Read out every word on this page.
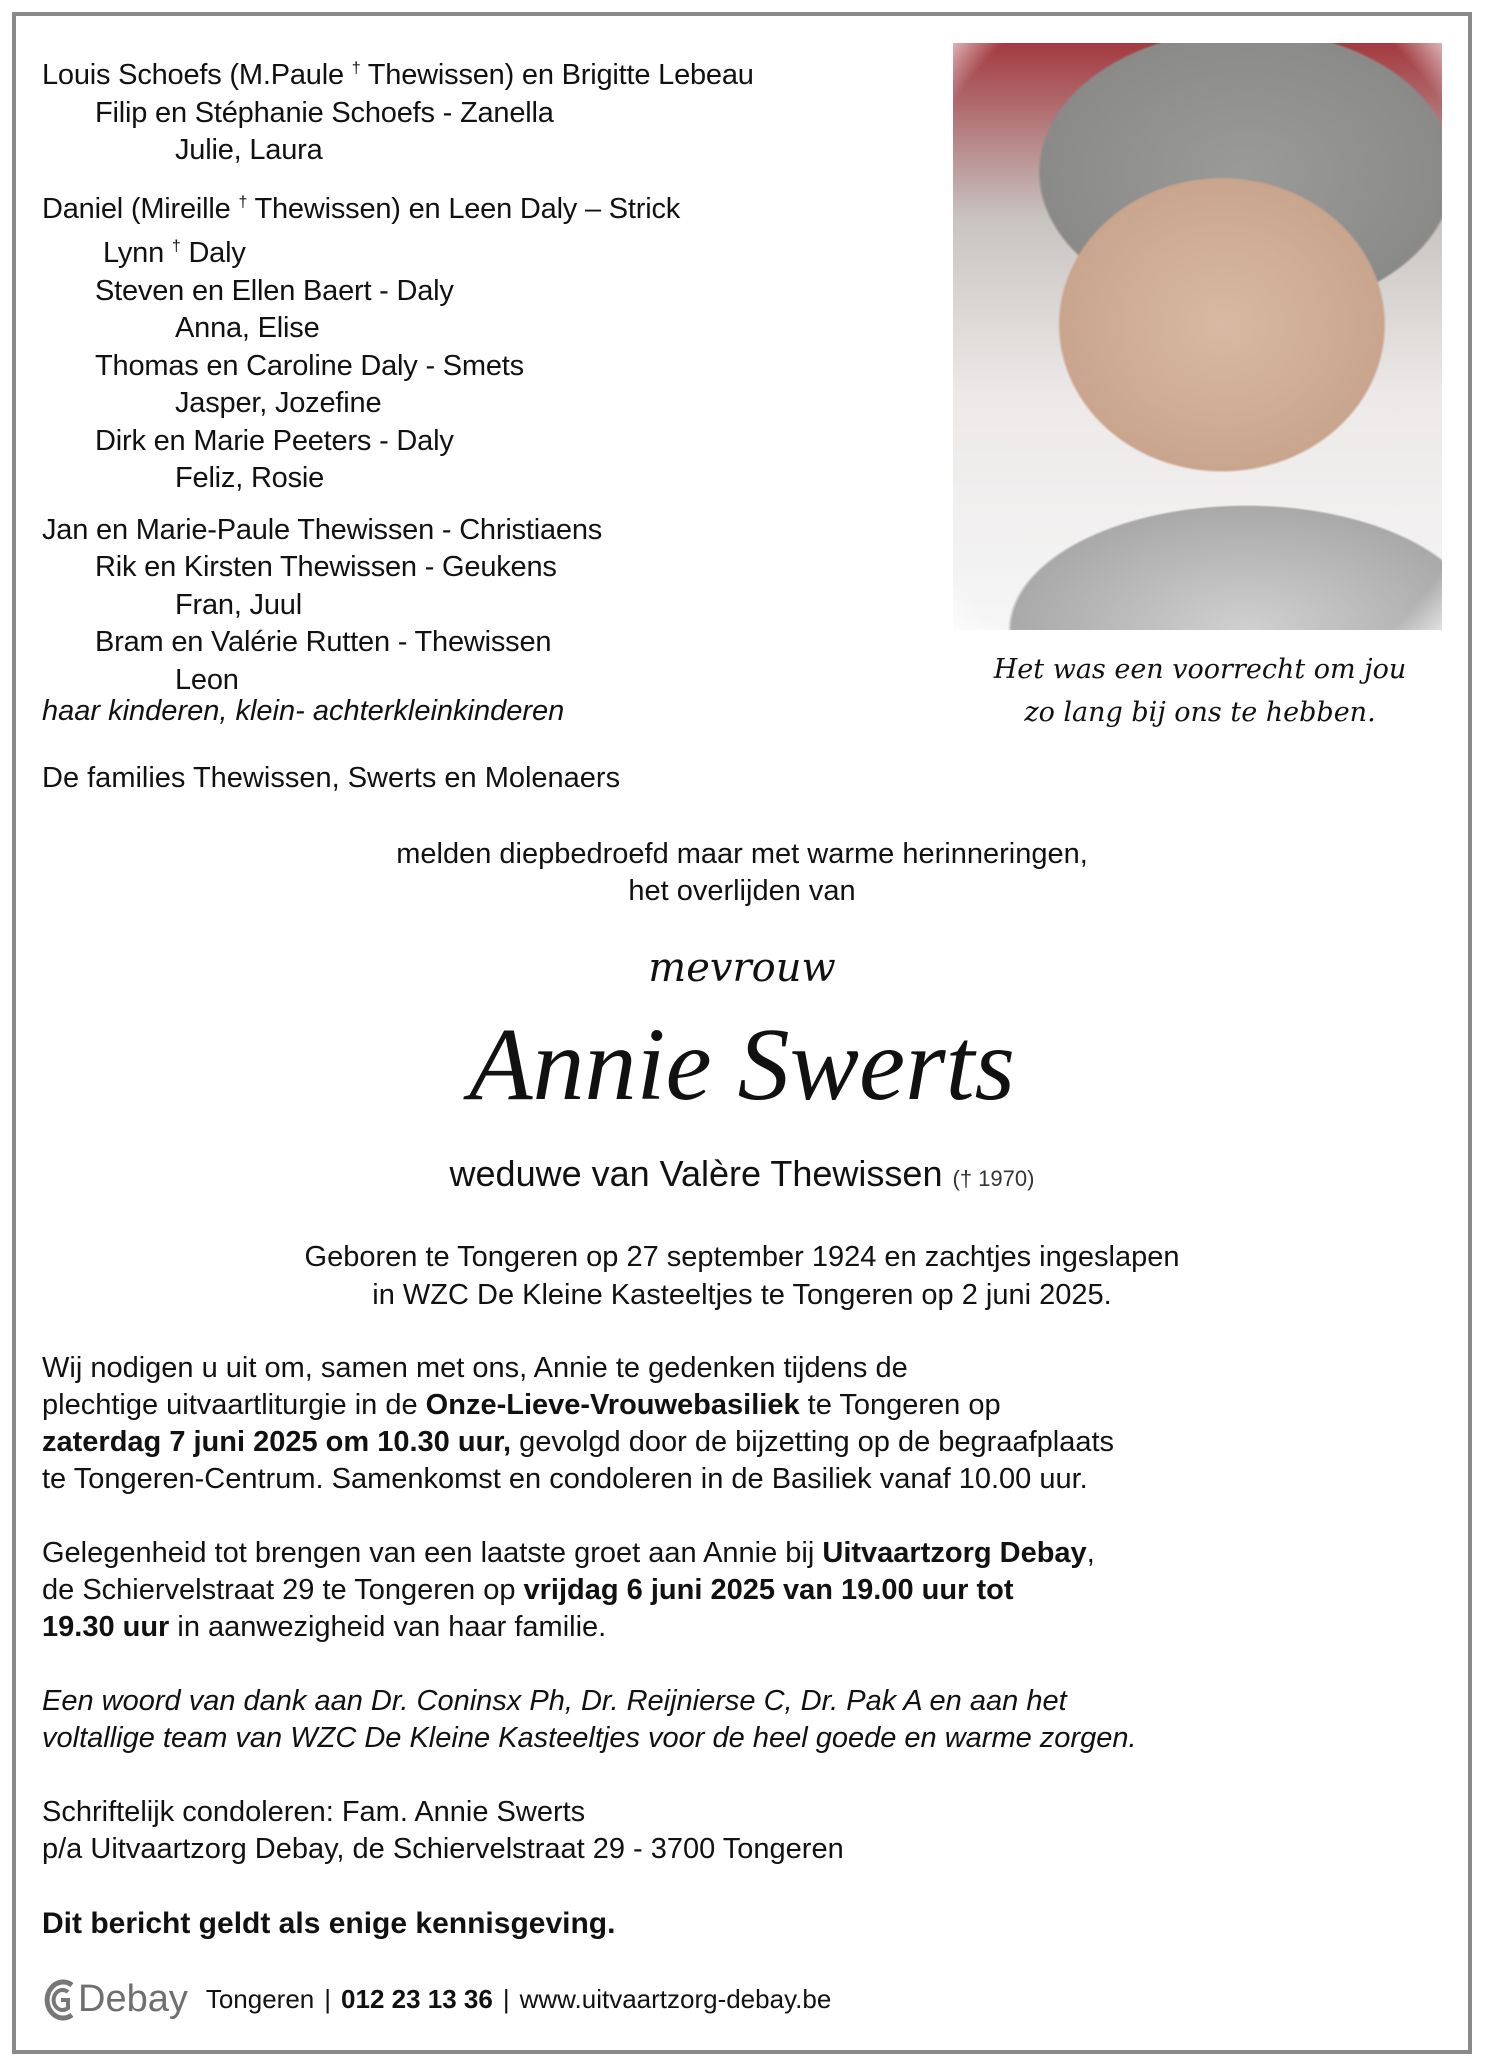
Louis Schoefs (M.Paule † Thewissen) en Brigitte Lebeau
Filip en Stéphanie Schoefs - Zanella
Julie, Laura
Daniel (Mireille † Thewissen) en Leen Daly – Strick
Lynn † Daly
Steven en Ellen Baert - Daly
Anna, Elise
Thomas en Caroline Daly - Smets
Jasper, Jozefine
Dirk en Marie Peeters - Daly
Feliz, Rosie
Jan en Marie-Paule Thewissen - Christiaens
Rik en Kirsten Thewissen - Geukens
Fran, Juul
Bram en Valérie Rutten - Thewissen
Leon
haar kinderen, klein- achterkleinkinderen
De families Thewissen, Swerts en Molenaers
Het was een voorrecht om jou
zo lang bij ons te hebben.
melden diepbedroefd maar met warme herinneringen,
het overlijden van
mevrouw
Annie Swerts
weduwe van Valère Thewissen († 1970)
Geboren te Tongeren op 27 september 1924 en zachtjes ingeslapen
in WZC De Kleine Kasteeltjes te Tongeren op 2 juni 2025.
Wij nodigen u uit om, samen met ons, Annie te gedenken tijdens de
plechtige uitvaartliturgie in de Onze-Lieve-Vrouwebasiliek te Tongeren op
zaterdag 7 juni 2025 om 10.30 uur, gevolgd door de bijzetting op de begraafplaats
te Tongeren-Centrum. Samenkomst en condoleren in de Basiliek vanaf 10.00 uur.
Gelegenheid tot brengen van een laatste groet aan Annie bij Uitvaartzorg Debay,
de Schiervelstraat 29 te Tongeren op vrijdag 6 juni 2025 van 19.00 uur tot
19.30 uur in aanwezigheid van haar familie.
Een woord van dank aan Dr. Coninsx Ph, Dr. Reijnierse C, Dr. Pak A en aan het
voltallige team van WZC De Kleine Kasteeltjes voor de heel goede en warme zorgen.
Schriftelijk condoleren: Fam. Annie Swerts
p/a Uitvaartzorg Debay, de Schiervelstraat 29 - 3700 Tongeren
Dit bericht geldt als enige kennisgeving.
Debay Tongeren | 012 23 13 36 | www.uitvaartzorg-debay.be
